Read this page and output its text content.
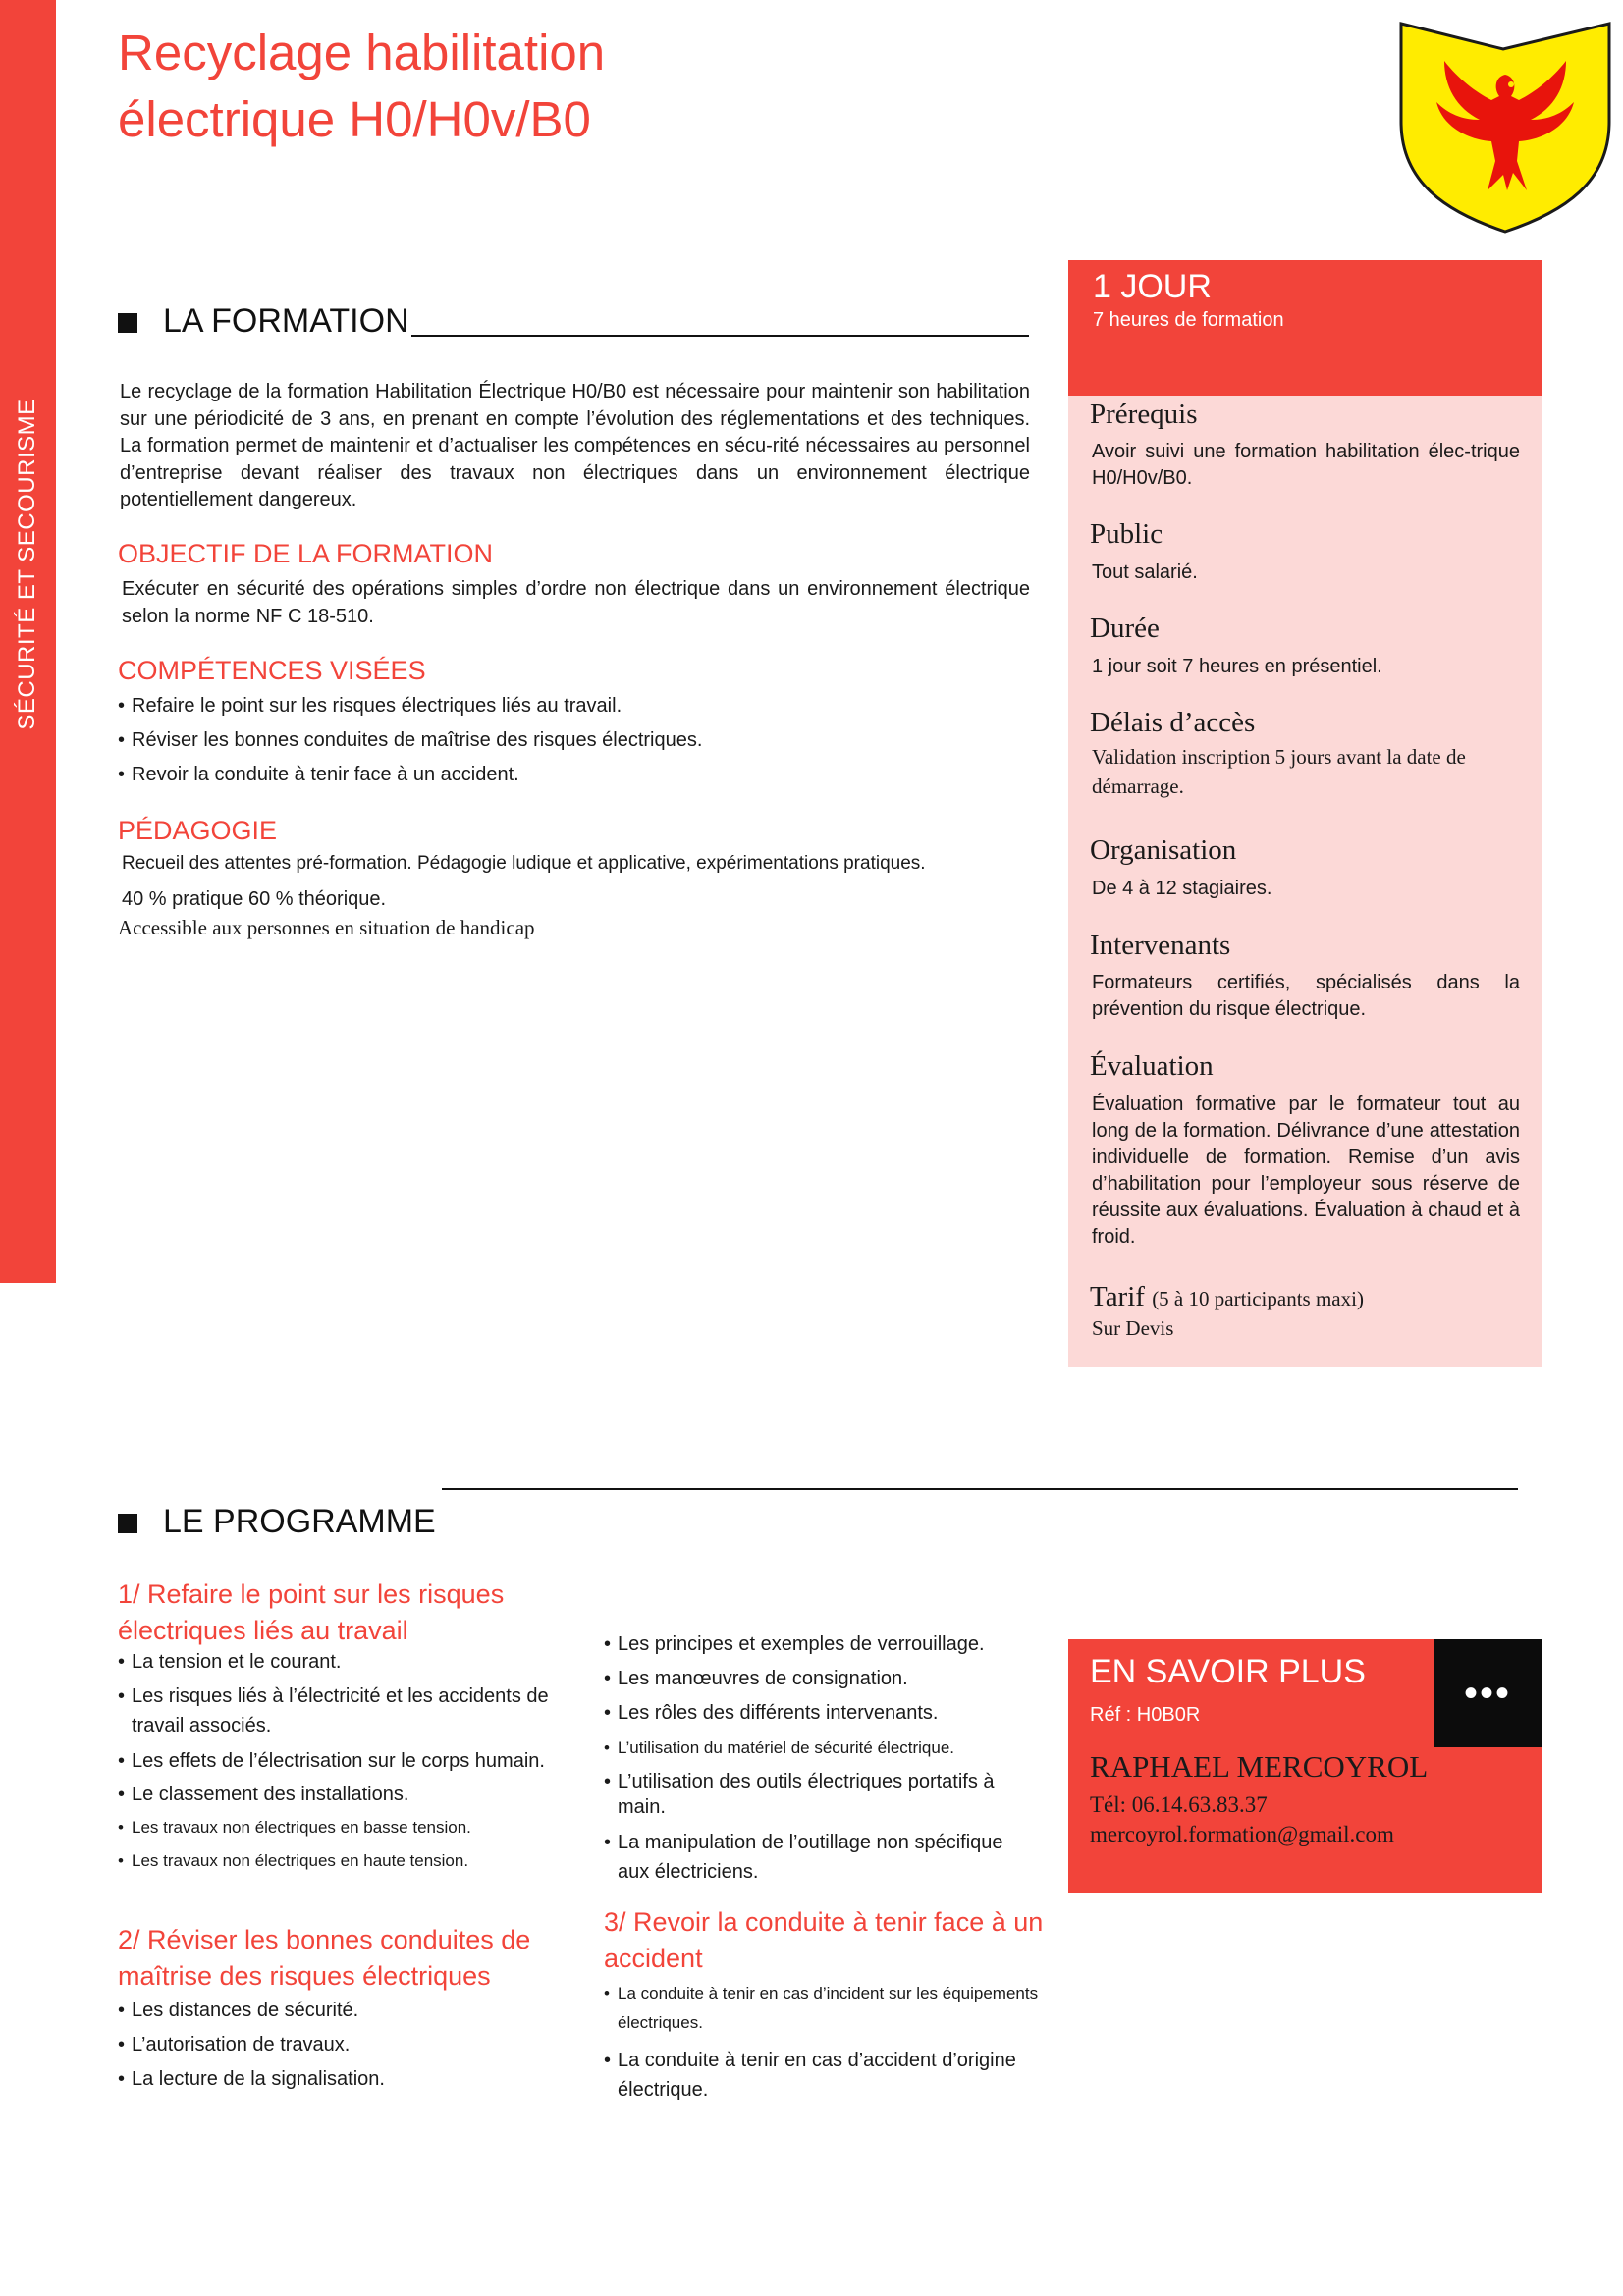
SÉCURITÉ ET SECOURISME
Recyclage habilitation
électrique H0/H0v/B0
LA FORMATION
Le recyclage de la formation Habilitation Électrique H0/B0 est nécessaire pour maintenir son habilitation sur une périodicité de 3 ans, en prenant en compte l’évolution des réglementations et des techniques. La formation permet de maintenir et d’actualiser les compétences en sécu-rité nécessaires au personnel d’entreprise devant réaliser des travaux non électriques dans un environnement électrique potentiellement dangereux.
OBJECTIF DE LA FORMATION
Exécuter en sécurité des opérations simples d’ordre non électrique dans un environnement électrique selon la norme NF C 18-510.
COMPÉTENCES VISÉES
• Refaire le point sur les risques électriques liés au travail.
• Réviser les bonnes conduites de maîtrise des risques électriques.
• Revoir la conduite à tenir face à un accident.
PÉDAGOGIE
Recueil des attentes pré-formation. Pédagogie ludique et applicative, expérimentations pratiques.
40 % pratique 60 % théorique.
Accessible aux personnes en situation de handicap
1 JOUR
7 heures de formation
Prérequis
Avoir suivi une formation habilitation élec-trique H0/H0v/B0.
Public
Tout salarié.
Durée
1 jour soit 7 heures en présentiel.
Délais d’accès
Validation inscription 5 jours avant la date de démarrage.
Organisation
De 4 à 12 stagiaires.
Intervenants
Formateurs certifiés, spécialisés dans la prévention du risque électrique.
Évaluation
Évaluation formative par le formateur tout au long de la formation. Délivrance d’une attestation individuelle de formation. Remise d’un avis d’habilitation pour l’employeur sous réserve de réussite aux évaluations. Évaluation à chaud et à froid.
Tarif (5 à 10 participants maxi)
Sur Devis
LE PROGRAMME
1/ Refaire le point sur les risques électriques liés au travail
• La tension et le courant.
• Les risques liés à l’électricité et les accidents de travail associés.
• Les effets de l’électrisation sur le corps humain.
• Le classement des installations.
• Les travaux non électriques en basse tension.
• Les travaux non électriques en haute tension.
2/ Réviser les bonnes conduites de maîtrise des risques électriques
• Les distances de sécurité.
• L’autorisation de travaux.
• La lecture de la signalisation.
• Les principes et exemples de verrouillage.
• Les manœuvres de consignation.
• Les rôles des différents intervenants.
• L’utilisation du matériel de sécurité électrique.
• L’utilisation des outils électriques portatifs à main.
• La manipulation de l’outillage non spécifique aux électriciens.
3/ Revoir la conduite à tenir face à un accident
• La conduite à tenir en cas d’incident sur les équipements électriques.
• La conduite à tenir en cas d’accident d’origine électrique.
EN SAVOIR PLUS
Réf : H0B0R
RAPHAEL MERCOYROL
Tél: 06.14.63.83.37
mercoyrol.formation@gmail.com
•••
